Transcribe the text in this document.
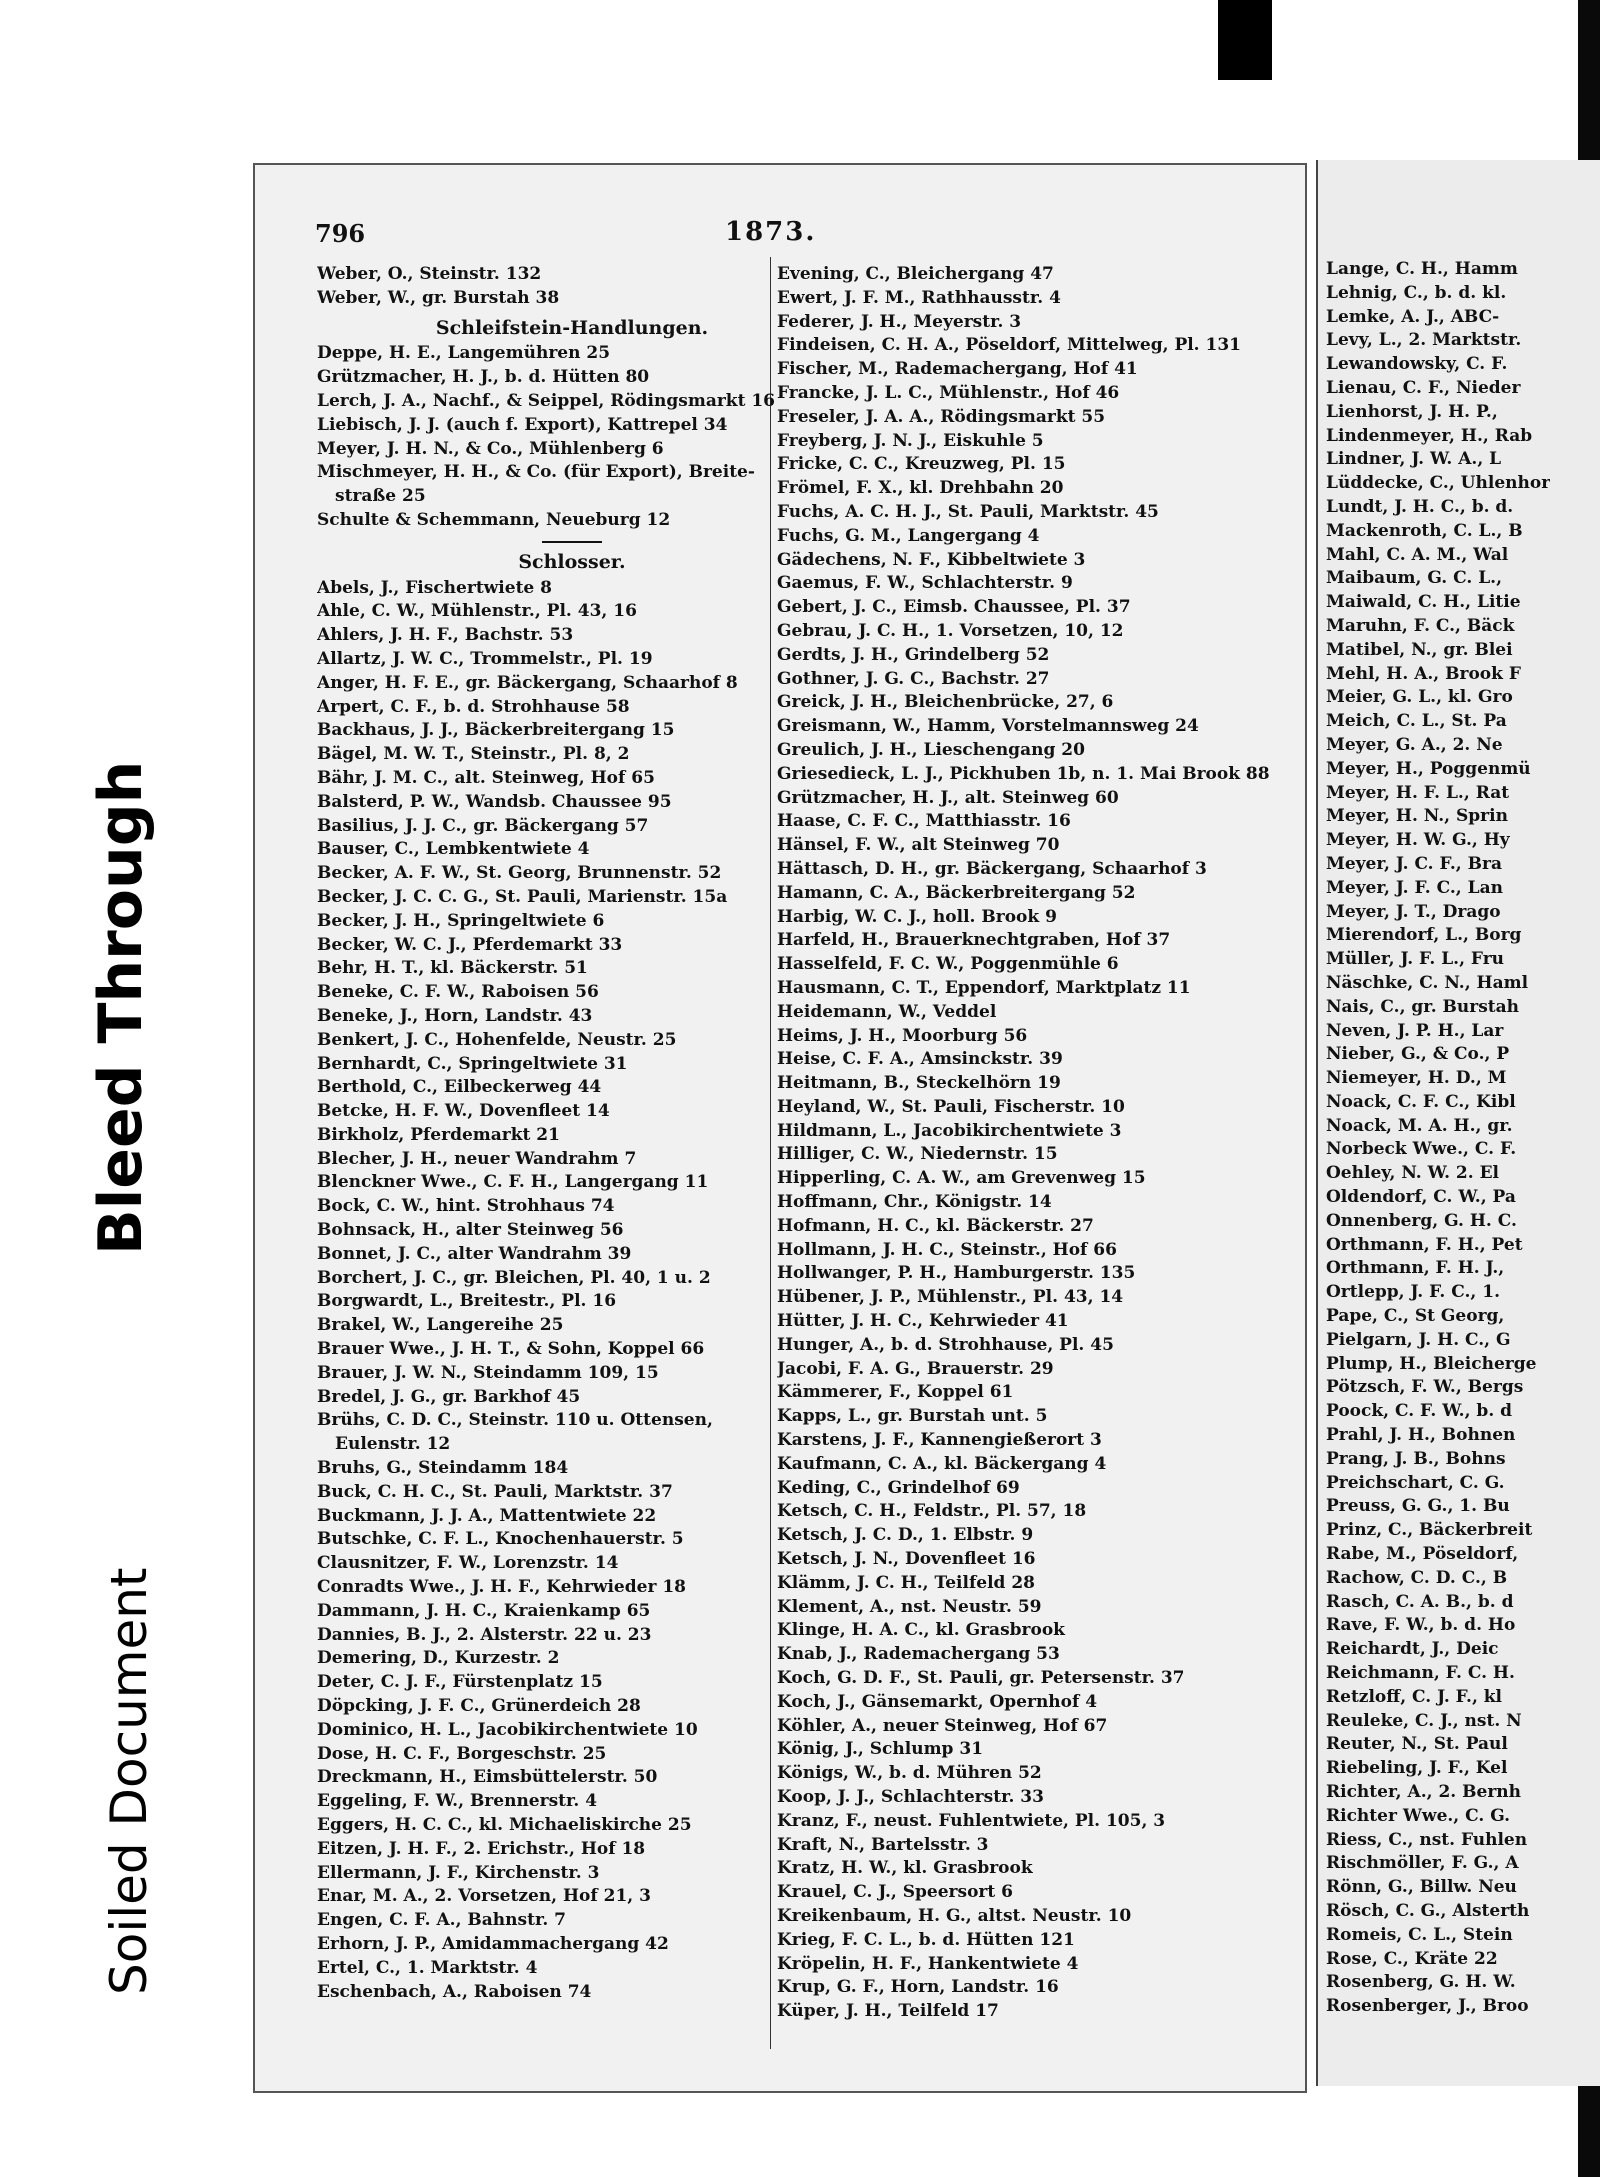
Bleed Through
Soiled Document
796	1873.
Weber, O., Steinstr. 132
Weber, W., gr. Burstah 38
Schleifstein-Handlungen.
Deppe, H. E., Langemühren 25
Grützmacher, H. J., b. d. Hütten 80
Lerch, J. A., Nachf., & Seippel, Rödingsmarkt 16
Liebisch, J. J. (auch f. Export), Kattrepel 34
Meyer, J. H. N., & Co., Mühlenberg 6
Mischmeyer, H. H., & Co. (für Export), Breite-
straße 25
Schulte & Schemmann, Neueburg 12
Schlosser.
Abels, J., Fischertwiete 8
Ahle, C. W., Mühlenstr., Pl. 43, 16
Ahlers, J. H. F., Bachstr. 53
Allartz, J. W. C., Trommelstr., Pl. 19
Anger, H. F. E., gr. Bäckergang, Schaarhof 8
Arpert, C. F., b. d. Strohhause 58
Backhaus, J. J., Bäckerbreitergang 15
Bägel, M. W. T., Steinstr., Pl. 8, 2
Bähr, J. M. C., alt. Steinweg, Hof 65
Balsterd, P. W., Wandsb. Chaussee 95
Basilius, J. J. C., gr. Bäckergang 57
Bauser, C., Lembkentwiete 4
Becker, A. F. W., St. Georg, Brunnenstr. 52
Becker, J. C. C. G., St. Pauli, Marienstr. 15a
Becker, J. H., Springeltwiete 6
Becker, W. C. J., Pferdemarkt 33
Behr, H. T., kl. Bäckerstr. 51
Beneke, C. F. W., Raboisen 56
Beneke, J., Horn, Landstr. 43
Benkert, J. C., Hohenfelde, Neustr. 25
Bernhardt, C., Springeltwiete 31
Berthold, C., Eilbeckerweg 44
Betcke, H. F. W., Dovenfleet 14
Birkholz, Pferdemarkt 21
Blecher, J. H., neuer Wandrahm 7
Blenckner Wwe., C. F. H., Langergang 11
Bock, C. W., hint. Strohhaus 74
Bohnsack, H., alter Steinweg 56
Bonnet, J. C., alter Wandrahm 39
Borchert, J. C., gr. Bleichen, Pl. 40, 1 u. 2
Borgwardt, L., Breitestr., Pl. 16
Brakel, W., Langereihe 25
Brauer Wwe., J. H. T., & Sohn, Koppel 66
Brauer, J. W. N., Steindamm 109, 15
Bredel, J. G., gr. Barkhof 45
Brühs, C. D. C., Steinstr. 110 u. Ottensen,
Eulenstr. 12
Bruhs, G., Steindamm 184
Buck, C. H. C., St. Pauli, Marktstr. 37
Buckmann, J. J. A., Mattentwiete 22
Butschke, C. F. L., Knochenhauerstr. 5
Clausnitzer, F. W., Lorenzstr. 14
Conradts Wwe., J. H. F., Kehrwieder 18
Dammann, J. H. C., Kraienkamp 65
Dannies, B. J., 2. Alsterstr. 22 u. 23
Demering, D., Kurzestr. 2
Deter, C. J. F., Fürstenplatz 15
Döpcking, J. F. C., Grünerdeich 28
Dominico, H. L., Jacobikirchentwiete 10
Dose, H. C. F., Borgeschstr. 25
Dreckmann, H., Eimsbüttelerstr. 50
Eggeling, F. W., Brennerstr. 4
Eggers, H. C. C., kl. Michaeliskirche 25
Eitzen, J. H. F., 2. Erichstr., Hof 18
Ellermann, J. F., Kirchenstr. 3
Enar, M. A., 2. Vorsetzen, Hof 21, 3
Engen, C. F. A., Bahnstr. 7
Erhorn, J. P., Amidammachergang 42
Ertel, C., 1. Marktstr. 4
Eschenbach, A., Raboisen 74
Evening, C., Bleichergang 47
Ewert, J. F. M., Rathhausstr. 4
Federer, J. H., Meyerstr. 3
Findeisen, C. H. A., Pöseldorf, Mittelweg, Pl. 131
Fischer, M., Rademachergang, Hof 41
Francke, J. L. C., Mühlenstr., Hof 46
Freseler, J. A. A., Rödingsmarkt 55
Freyberg, J. N. J., Eiskuhle 5
Fricke, C. C., Kreuzweg, Pl. 15
Frömel, F. X., kl. Drehbahn 20
Fuchs, A. C. H. J., St. Pauli, Marktstr. 45
Fuchs, G. M., Langergang 4
Gädechens, N. F., Kibbeltwiete 3
Gaemus, F. W., Schlachterstr. 9
Gebert, J. C., Eimsb. Chaussee, Pl. 37
Gebrau, J. C. H., 1. Vorsetzen, 10, 12
Gerdts, J. H., Grindelberg 52
Gothner, J. G. C., Bachstr. 27
Greick, J. H., Bleichenbrücke, 27, 6
Greismann, W., Hamm, Vorstelmannsweg 24
Greulich, J. H., Lieschengang 20
Griesedieck, L. J., Pickhuben 1b, n. 1. Mai Brook 88
Grützmacher, H. J., alt. Steinweg 60
Haase, C. F. C., Matthiasstr. 16
Hänsel, F. W., alt Steinweg 70
Hättasch, D. H., gr. Bäckergang, Schaarhof 3
Hamann, C. A., Bäckerbreitergang 52
Harbig, W. C. J., holl. Brook 9
Harfeld, H., Brauerknechtgraben, Hof 37
Hasselfeld, F. C. W., Poggenmühle 6
Hausmann, C. T., Eppendorf, Marktplatz 11
Heidemann, W., Veddel
Heims, J. H., Moorburg 56
Heise, C. F. A., Amsinckstr. 39
Heitmann, B., Steckelhörn 19
Heyland, W., St. Pauli, Fischerstr. 10
Hildmann, L., Jacobikirchentwiete 3
Hilliger, C. W., Niedernstr. 15
Hipperling, C. A. W., am Grevenweg 15
Hoffmann, Chr., Königstr. 14
Hofmann, H. C., kl. Bäckerstr. 27
Hollmann, J. H. C., Steinstr., Hof 66
Hollwanger, P. H., Hamburgerstr. 135
Hübener, J. P., Mühlenstr., Pl. 43, 14
Hütter, J. H. C., Kehrwieder 41
Hunger, A., b. d. Strohhause, Pl. 45
Jacobi, F. A. G., Brauerstr. 29
Kämmerer, F., Koppel 61
Kapps, L., gr. Burstah unt. 5
Karstens, J. F., Kannengießerort 3
Kaufmann, C. A., kl. Bäckergang 4
Keding, C., Grindelhof 69
Ketsch, C. H., Feldstr., Pl. 57, 18
Ketsch, J. C. D., 1. Elbstr. 9
Ketsch, J. N., Dovenfleet 16
Klämm, J. C. H., Teilfeld 28
Klement, A., nst. Neustr. 59
Klinge, H. A. C., kl. Grasbrook
Knab, J., Rademachergang 53
Koch, G. D. F., St. Pauli, gr. Petersenstr. 37
Koch, J., Gänsemarkt, Opernhof 4
Köhler, A., neuer Steinweg, Hof 67
König, J., Schlump 31
Königs, W., b. d. Mühren 52
Koop, J. J., Schlachterstr. 33
Kranz, F., neust. Fuhlentwiete, Pl. 105, 3
Kraft, N., Bartelsstr. 3
Kratz, H. W., kl. Grasbrook
Krauel, C. J., Speersort 6
Kreikenbaum, H. G., altst. Neustr. 10
Krieg, F. C. L., b. d. Hütten 121
Kröpelin, H. F., Hankentwiete 4
Krup, G. F., Horn, Landstr. 16
Küper, J. H., Teilfeld 17
Lange, C. H., Hamm
Lehnig, C., b. d. kl.
Lemke, A. J., ABC-
Levy, L., 2. Marktstr.
Lewandowsky, C. F.
Lienau, C. F., Nieder
Lienhorst, J. H. P.,
Lindenmeyer, H., Rab
Lindner, J. W. A., L
Lüddecke, C., Uhlenhor
Lundt, J. H. C., b. d.
Mackenroth, C. L., B
Mahl, C. A. M., Wal
Maibaum, G. C. L.,
Maiwald, C. H., Litie
Maruhn, F. C., Bäck
Matibel, N., gr. Blei
Mehl, H. A., Brook F
Meier, G. L., kl. Gro
Meich, C. L., St. Pa
Meyer, G. A., 2. Ne
Meyer, H., Poggenmü
Meyer, H. F. L., Rat
Meyer, H. N., Sprin
Meyer, H. W. G., Hy
Meyer, J. C. F., Bra
Meyer, J. F. C., Lan
Meyer, J. T., Drago
Mierendorf, L., Borg
Müller, J. F. L., Fru
Näschke, C. N., Haml
Nais, C., gr. Burstah
Neven, J. P. H., Lar
Nieber, G., & Co., P
Niemeyer, H. D., M
Noack, C. F. C., Kibl
Noack, M. A. H., gr.
Norbeck Wwe., C. F.
Oehley, N. W. 2. El
Oldendorf, C. W., Pa
Onnenberg, G. H. C.
Orthmann, F. H., Pet
Orthmann, F. H. J.,
Ortlepp, J. F. C., 1.
Pape, C., St Georg,
Pielgarn, J. H. C., G
Plump, H., Bleicherge
Pötzsch, F. W., Bergs
Poock, C. F. W., b. d
Prahl, J. H., Bohnen
Prang, J. B., Bohns
Preichschart, C. G.
Preuss, G. G., 1. Bu
Prinz, C., Bäckerbreit
Rabe, M., Pöseldorf,
Rachow, C. D. C., B
Rasch, C. A. B., b. d
Rave, F. W., b. d. Ho
Reichardt, J., Deic
Reichmann, F. C. H.
Retzloff, C. J. F., kl
Reuleke, C. J., nst. N
Reuter, N., St. Paul
Riebeling, J. F., Kel
Richter, A., 2. Bernh
Richter Wwe., C. G.
Riess, C., nst. Fuhlen
Rischmöller, F. G., A
Rönn, G., Billw. Neu
Rösch, C. G., Alsterth
Romeis, C. L., Stein
Rose, C., Kräte 22
Rosenberg, G. H. W.
Rosenberger, J., Broo
